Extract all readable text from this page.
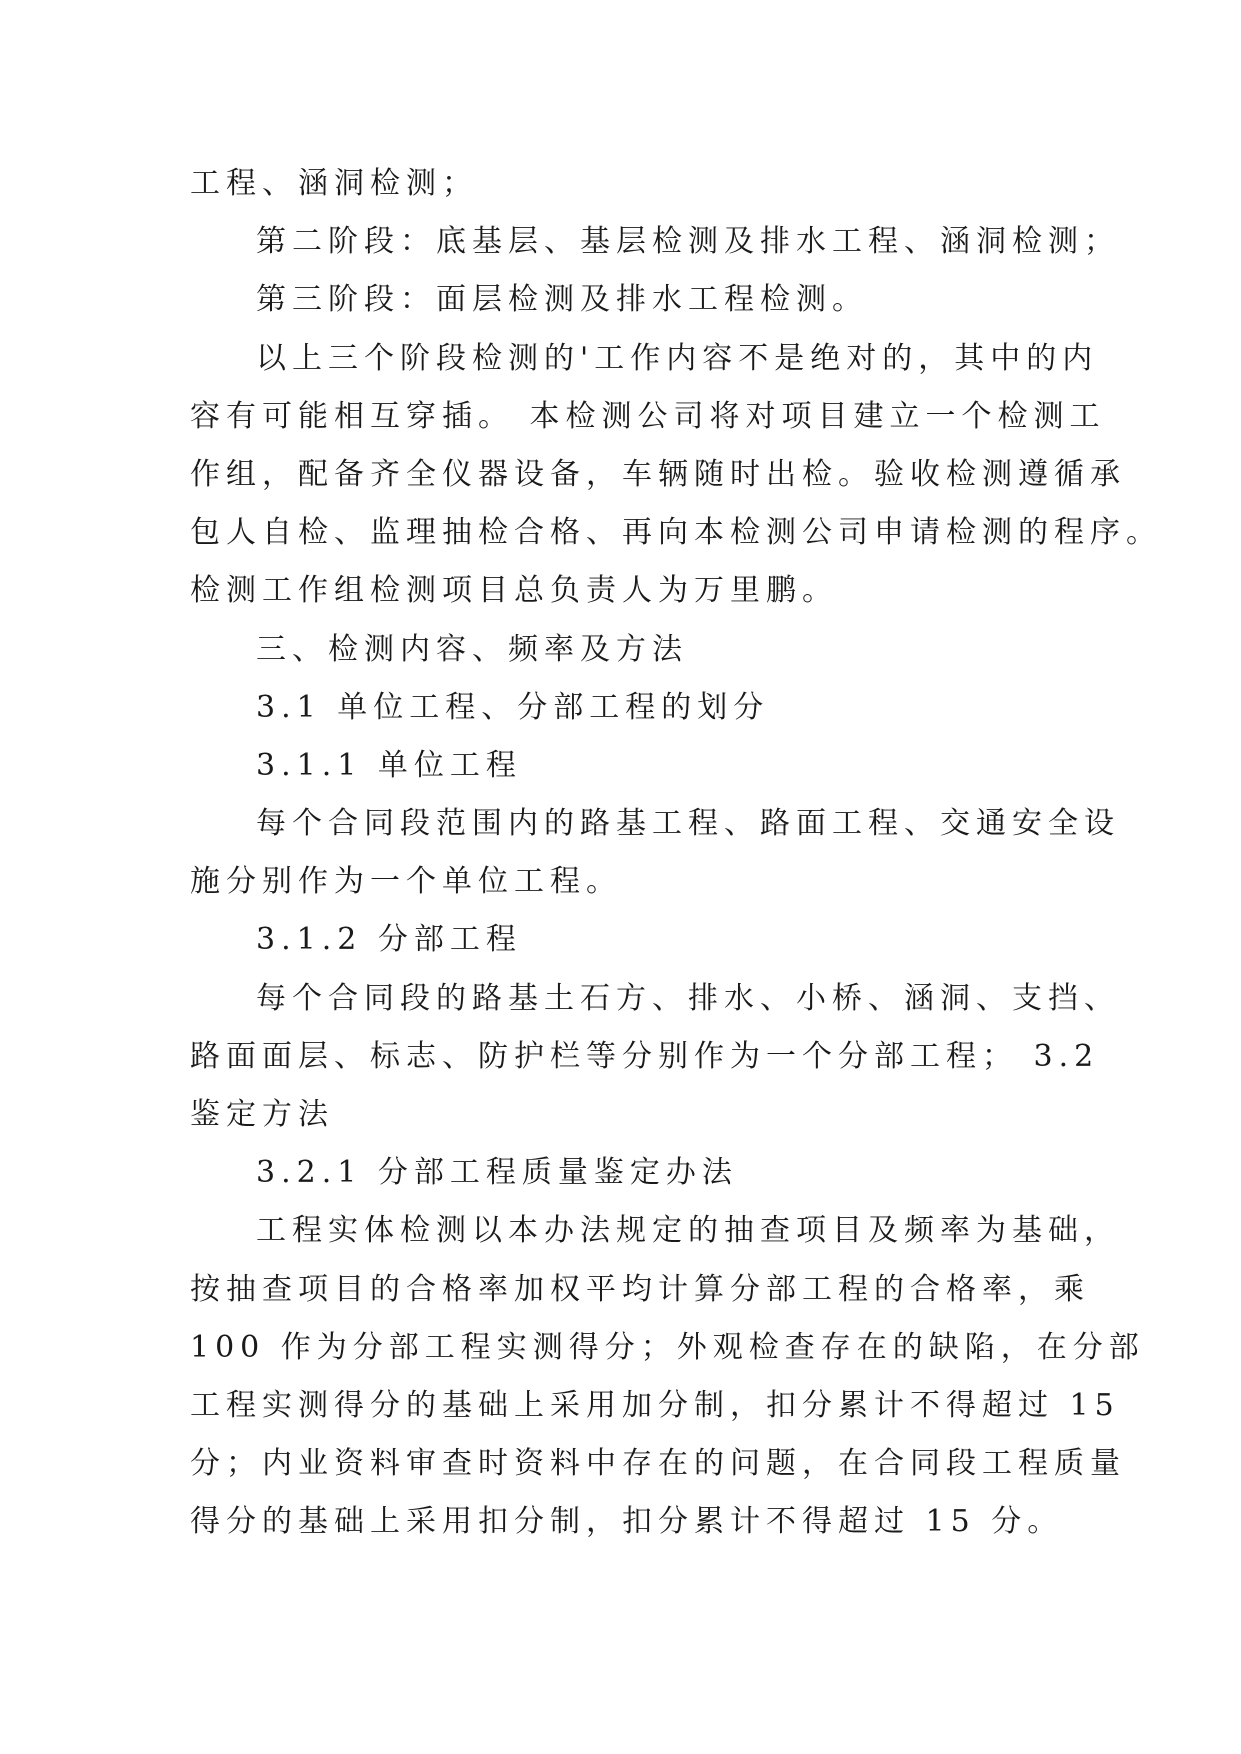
工程、涵洞检测；
第二阶段：底基层、基层检测及排水工程、涵洞检测；
第三阶段：面层检测及排水工程检测。
以上三个阶段检测的'工作内容不是绝对的，其中的内
容有可能相互穿插。 本检测公司将对项目建立一个检测工
作组，配备齐全仪器设备，车辆随时出检。验收检测遵循承
包人自检、监理抽检合格、再向本检测公司申请检测的程序。
检测工作组检测项目总负责人为万里鹏。
三、检测内容、频率及方法
3.1 单位工程、分部工程的划分
3.1.1 单位工程
每个合同段范围内的路基工程、路面工程、交通安全设
施分别作为一个单位工程。
3.1.2 分部工程
每个合同段的路基土石方、排水、小桥、涵洞、支挡、
路面面层、标志、防护栏等分别作为一个分部工程； 3.2
鉴定方法
3.2.1 分部工程质量鉴定办法
工程实体检测以本办法规定的抽查项目及频率为基础，
按抽查项目的合格率加权平均计算分部工程的合格率，乘
100 作为分部工程实测得分；外观检查存在的缺陷，在分部
工程实测得分的基础上采用加分制，扣分累计不得超过 15
分；内业资料审查时资料中存在的问题，在合同段工程质量
得分的基础上采用扣分制，扣分累计不得超过 15 分。
